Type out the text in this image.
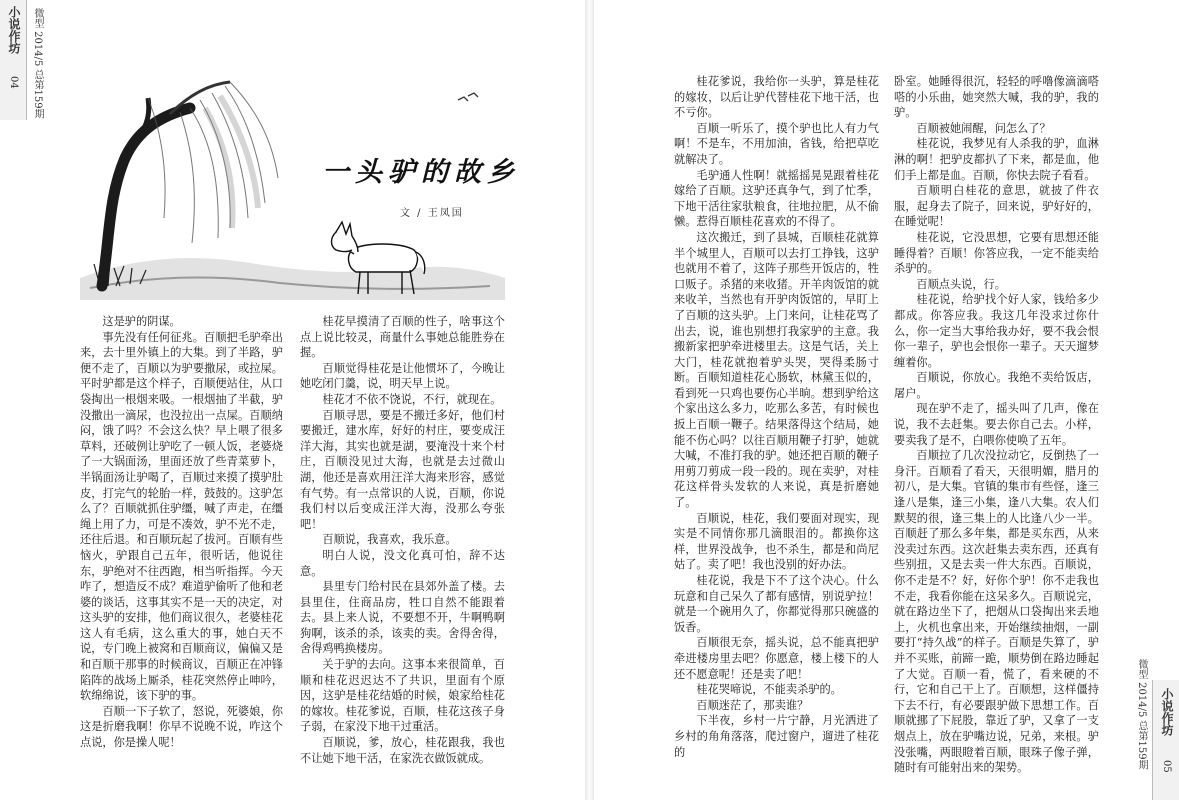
小说作坊
04 微型 2014/5 总第159期
一头驴的故乡
文 / 王凤国

这是驴的阴谋。

事先没有任何征兆。百顺把毛驴牵出来，去十里外镇上的大集。到了半路，驴便不走了，百顺以为驴要撒尿，或拉屎。平时驴都是这个样子，百顺便站住，从口袋掏出一根烟来吸。一根烟抽了半截，驴没撒出一滴尿，也没拉出一点屎。百顺纳闷，饿了吗？不会这么快？早上喂了很多草料，还破例让驴吃了一顿人饭，老婆烧了一大锅面汤，里面还放了些青菜萝卜，半锅面汤让驴喝了，百顺过来摸了摸驴肚皮，打完气的轮胎一样，鼓鼓的。这驴怎么了？百顺就抓住驴缰，喊了声走，在缰绳上用了力，可是不凑效，驴不光不走，还往后退。和百顺玩起了拔河。百顺有些恼火，驴跟自己五年，很听话，他说往东，驴绝对不往西跑，相当听指挥。今天咋了，想造反不成？难道驴偷听了他和老婆的谈话，这事其实不是一天的决定，对这头驴的安排，他们商议很久，老婆桂花这人有毛病，这么重大的事，她白天不说，专门晚上被窝和百顺商议，偏偏又是和百顺干那事的时候商议，百顺正在冲锋陷阵的战场上厮杀，桂花突然停止呻吟，软绵绵说，该下驴的事。

百顺一下子软了，怒说，死婆娘，你这是折磨我啊！你早不说晚不说，咋这个点说，你是操人呢！

桂花早摸清了百顺的性子，啥事这个点上说比较灵，商量什么事她总能胜券在握。

百顺觉得桂花是让他惯坏了，今晚让她吃闭门羹，说，明天早上说。

桂花才不依不饶说，不行，就现在。

百顺寻思，要是不搬迁多好，他们村要搬迁，建水库，好好的村庄，要变成汪洋大海，其实也就是湖，要淹没十来个村庄，百顺没见过大海，也就是去过微山湖，他还是喜欢用汪洋大海来形容，感觉有气势。有一点常识的人说，百顺，你说我们村以后变成汪洋大海，没那么夸张吧！

百顺说，我喜欢，我乐意。

明白人说，没文化真可怕，辞不达意。

县里专门给村民在县郊外盖了楼。去县里住，住商品房，牲口自然不能跟着去。县上来人说，不要想不开，牛啊鸭啊狗啊，该杀的杀，该卖的卖。舍得舍得，舍得鸡鸭换楼房。

关于驴的去向。这事本来很简单，百顺和桂花迟迟达不了共识，里面有个原因，这驴是桂花结婚的时候，娘家给桂花的嫁妆。桂花爹说，百顺，桂花这孩子身子弱，在家没下地干过重活。

百顺说，爹，放心，桂花跟我，我也不让她下地干活，在家洗衣做饭就成。

桂花爹说，我给你一头驴，算是桂花的嫁妆，以后让驴代替桂花下地干活，也不亏你。

百顺一听乐了，摸个驴也比人有力气啊！不是车，不用加油，省钱，给把草吃就解决了。

毛驴通人性啊！就摇摇晃晃跟着桂花嫁给了百顺。这驴还真争气，到了忙季，下地干活往家驮粮食，往地拉肥，从不偷懒。惹得百顺桂花喜欢的不得了。

这次搬迁，到了县城，百顺桂花就算半个城里人，百顺可以去打工挣钱，这驴也就用不着了，这阵子那些开饭店的，牲口贩子。杀猪的来收猪。开羊肉饭馆的就来收羊，当然也有开驴肉饭馆的，早盯上了百顺的这头驴。上门来问，让桂花骂了出去，说，谁也别想打我家驴的主意。我搬新家把驴牵进楼里去。这是气话，关上大门，桂花就抱着驴头哭，哭得柔肠寸断。百顺知道桂花心肠软，林黛玉似的，看到死一只鸡也要伤心半晌。想到驴给这个家出这么多力，吃那么多苦，有时候也扳上百顺一鞭子。结果落得这个结局，她能不伤心吗？以往百顺用鞭子打驴，她就大喊，不准打我的驴。她还把百顺的鞭子用剪刀剪成一段一段的。现在卖驴，对桂花这样骨头发软的人来说，真是折磨她了。

百顺说，桂花，我们要面对现实，现实是不同情你那几滴眼泪的。都换你这样，世界没战争，也不杀生，都是和尚尼姑了。卖了吧！我也没别的好办法。

桂花说，我是下不了这个决心。什么玩意和自己呆久了都有感情，别说驴拉！就是一个碗用久了，你都觉得那只碗盛的饭香。

百顺很无奈，摇头说，总不能真把驴牵进楼房里去吧？你愿意，楼上楼下的人还不愿意呢！还是卖了吧！

桂花哭啼说，不能卖杀驴的。

百顺迷茫了，那卖谁？

下半夜，乡村一片宁静，月光洒进了乡村的角角落落，爬过窗户，遛进了桂花的

卧室。她睡得很沉，轻轻的呼噜像滴滴嗒嗒的小乐曲，她突然大喊，我的驴，我的驴。

百顺被她闹醒，问怎么了？

桂花说，我梦见有人杀我的驴，血淋淋的啊！把驴皮都扒了下来，都是血，他们手上都是血。百顺，你快去院子看看。

百顺明白桂花的意思，就披了件衣服，起身去了院子，回来说，驴好好的，在睡觉呢！

桂花说，它没思想，它要有思想还能睡得着？百顺！你答应我，一定不能卖给杀驴的。

百顺点头说，行。

桂花说，给驴找个好人家，钱给多少都成。你答应我。我这几年没求过你什么，你一定当大事给我办好，要不我会恨你一辈子，驴也会恨你一辈子。天天遛梦缠着你。

百顺说，你放心。我绝不卖给饭店，屠户。

现在驴不走了，摇头叫了几声，像在说，我不去赶集。要去你自己去。小样，要卖我了是不，白喂你使唤了五年。

百顺拉了几次没拉动它，反倒热了一身汗。百顺看了看天，天很明媚，腊月的初八，是大集。官镇的集市有些怪，逢三逢八是集，逢三小集，逢八大集。农人们默契的很，逢三集上的人比逢八少一半。百顺赶了那么多年集，都是买东西，从来没卖过东西。这次赶集去卖东西，还真有些别扭，又是去卖一件大东西。百顺说，你不走是不？好，好你个驴！你不走我也不走，我看你能在这呆多久。百顺说完，就在路边坐下了，把烟从口袋掏出来丢地上，火机也拿出来，开始继续抽烟，一副要打“持久战”的样子。百顺是失算了，驴并不买账，前蹄一跪，顺势倒在路边睡起了大觉。百顺一看，慌了，看来硬的不行，它和自己干上了。百顺想，这样僵持下去不行，有必要跟驴做下思想工作。百顺就挪了下屁股，靠近了驴，又拿了一支烟点上，放在驴嘴边说，兄弟，来根。驴没张嘴，两眼瞪着百顺，眼珠子像子弹，随时有可能射出来的架势。	微型 2014/5 总第159期 小说作坊
05
